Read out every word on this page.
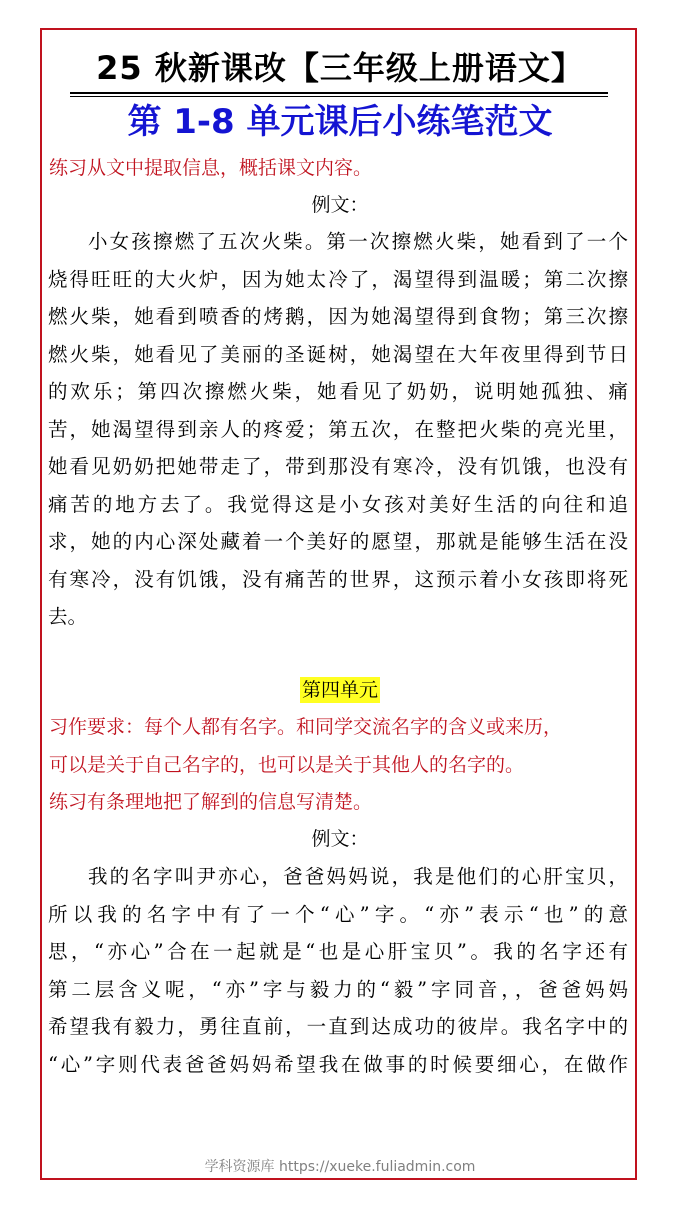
25 秋新课改【三年级上册语文】
第 1-8 单元课后小练笔范文
练习从文中提取信息，概括课文内容。
例文：
小女孩擦燃了五次火柴。第一次擦燃火柴，她看到了一个
烧得旺旺的大火炉，因为她太冷了，渴望得到温暖；第二次擦
燃火柴，她看到喷香的烤鹅，因为她渴望得到食物；第三次擦
燃火柴，她看见了美丽的圣诞树，她渴望在大年夜里得到节日
的欢乐；第四次擦燃火柴，她看见了奶奶，说明她孤独、痛
苦，她渴望得到亲人的疼爱；第五次，在整把火柴的亮光里，
她看见奶奶把她带走了，带到那没有寒冷，没有饥饿，也没有
痛苦的地方去了。我觉得这是小女孩对美好生活的向往和追
求，她的内心深处藏着一个美好的愿望，那就是能够生活在没
有寒冷，没有饥饿，没有痛苦的世界，这预示着小女孩即将死
去。
第四单元
习作要求：每个人都有名字。和同学交流名字的含义或来历，
可以是关于自己名字的，也可以是关于其他人的名字的。
练习有条理地把了解到的信息写清楚。
例文：
我的名字叫尹亦心，爸爸妈妈说，我是他们的心肝宝贝，
所以我的名字中有了一个“心”字。“亦”表示“也”的意
思，“亦心”合在一起就是“也是心肝宝贝”。我的名字还有
第二层含义呢，“亦”字与毅力的“毅”字同音，，爸爸妈妈
希望我有毅力，勇往直前，一直到达成功的彼岸。我名字中的
“心”字则代表爸爸妈妈希望我在做事的时候要细心，在做作
学科资源库 https://xueke.fuliadmin.com
